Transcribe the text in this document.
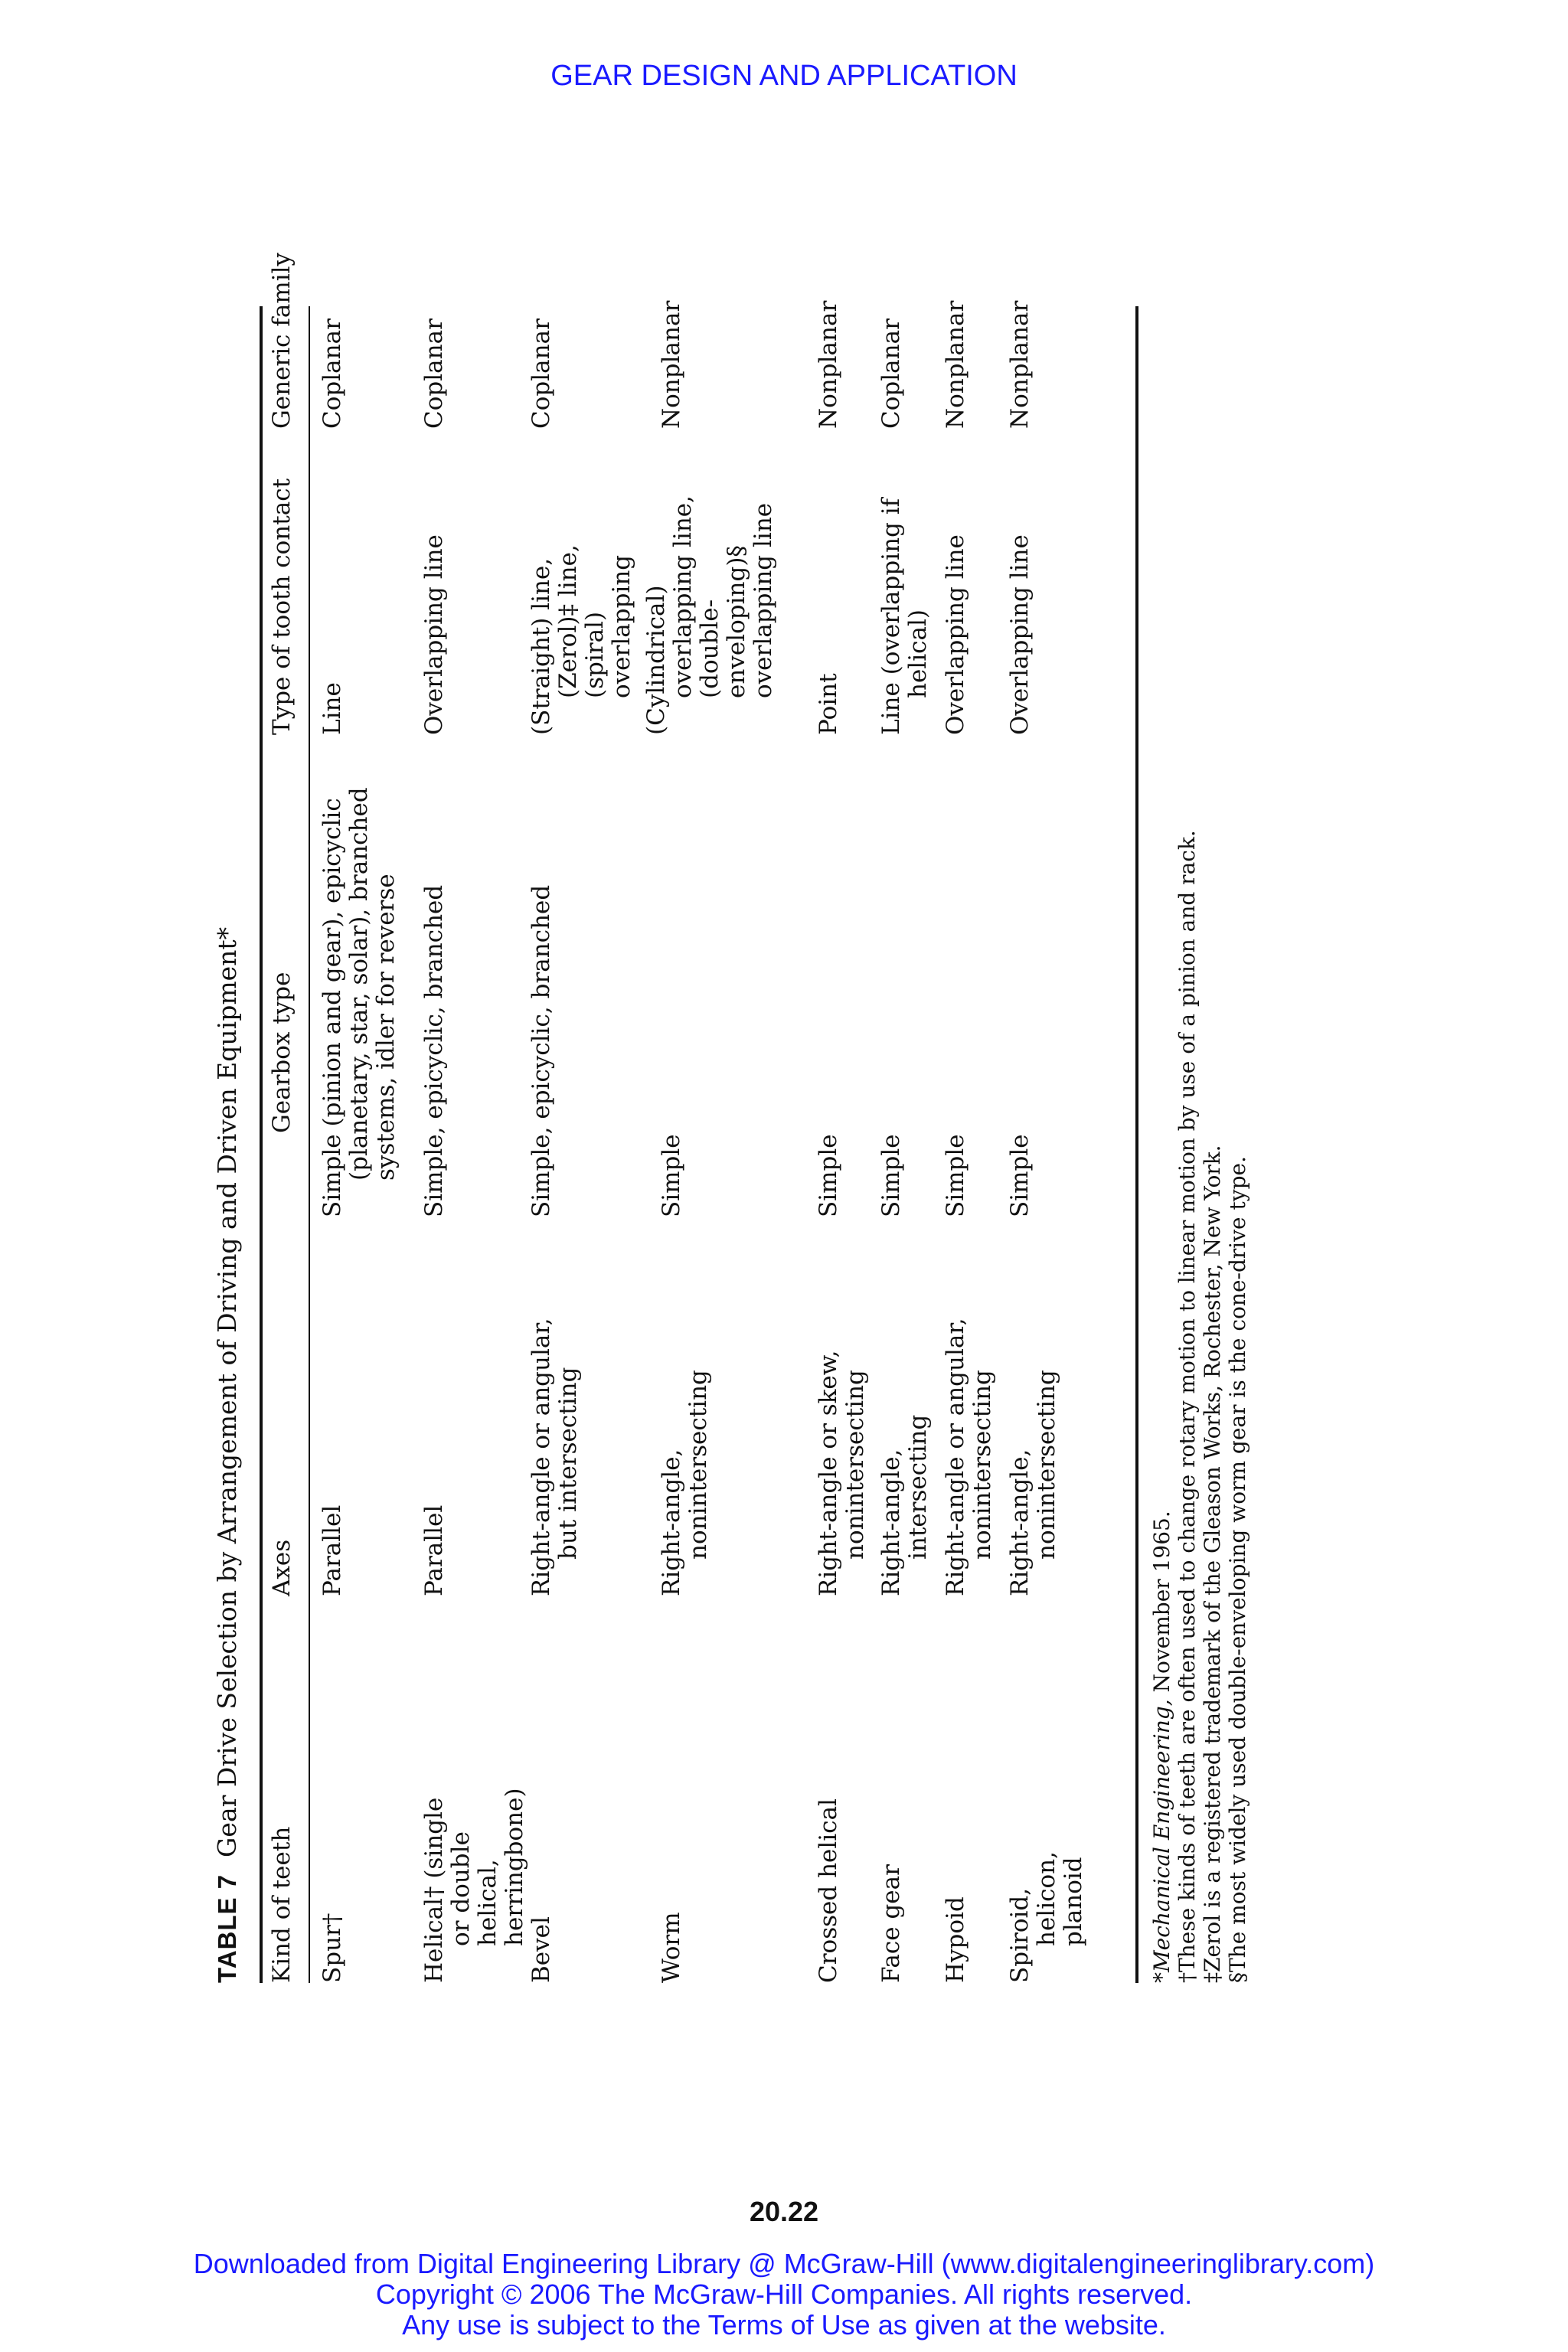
GEAR DESIGN AND APPLICATION
TABLE 7Gear Drive Selection by Arrangement of Driving and Driven Equipment*
Kind of teeth
Axes
Gearbox type
Type of tooth contact
Generic family
Spur†
Parallel
Simple (pinion and gear), epicyclic (planetary, star, solar), branched systems, idler for reverse
Line
Coplanar
Helical† (single or double helical, herringbone)
Parallel
Simple, epicyclic, branched
Overlapping line
Coplanar
Bevel
Right-angle or angular, but intersecting
Simple, epicyclic, branched
(Straight) line, (Zerol)‡ line, (spiral) overlapping
Coplanar
Worm
Right-angle, nonintersecting
Simple
(Cylindrical) overlapping line, (double- enveloping)§ overlapping line
Nonplanar
Crossed helical
Right-angle or skew, nonintersecting
Simple
Point
Nonplanar
Face gear
Right-angle, intersecting
Simple
Line (overlapping if helical)
Coplanar
Hypoid
Right-angle or angular, nonintersecting
Simple
Overlapping line
Nonplanar
Spiroid, helicon, planoid
Right-angle, nonintersecting
Simple
Overlapping line
Nonplanar
*Mechanical Engineering, November 1965. †These kinds of teeth are often used to change rotary motion to linear motion by use of a pinion and rack. ‡Zerol is a registered trademark of the Gleason Works, Rochester, New York. §The most widely used double-enveloping worm gear is the cone-drive type.
20.22
Downloaded from Digital Engineering Library @ McGraw-Hill (www.digitalengineeringlibrary.com)
Copyright © 2006 The McGraw-Hill Companies. All rights reserved.
Any use is subject to the Terms of Use as given at the website.
